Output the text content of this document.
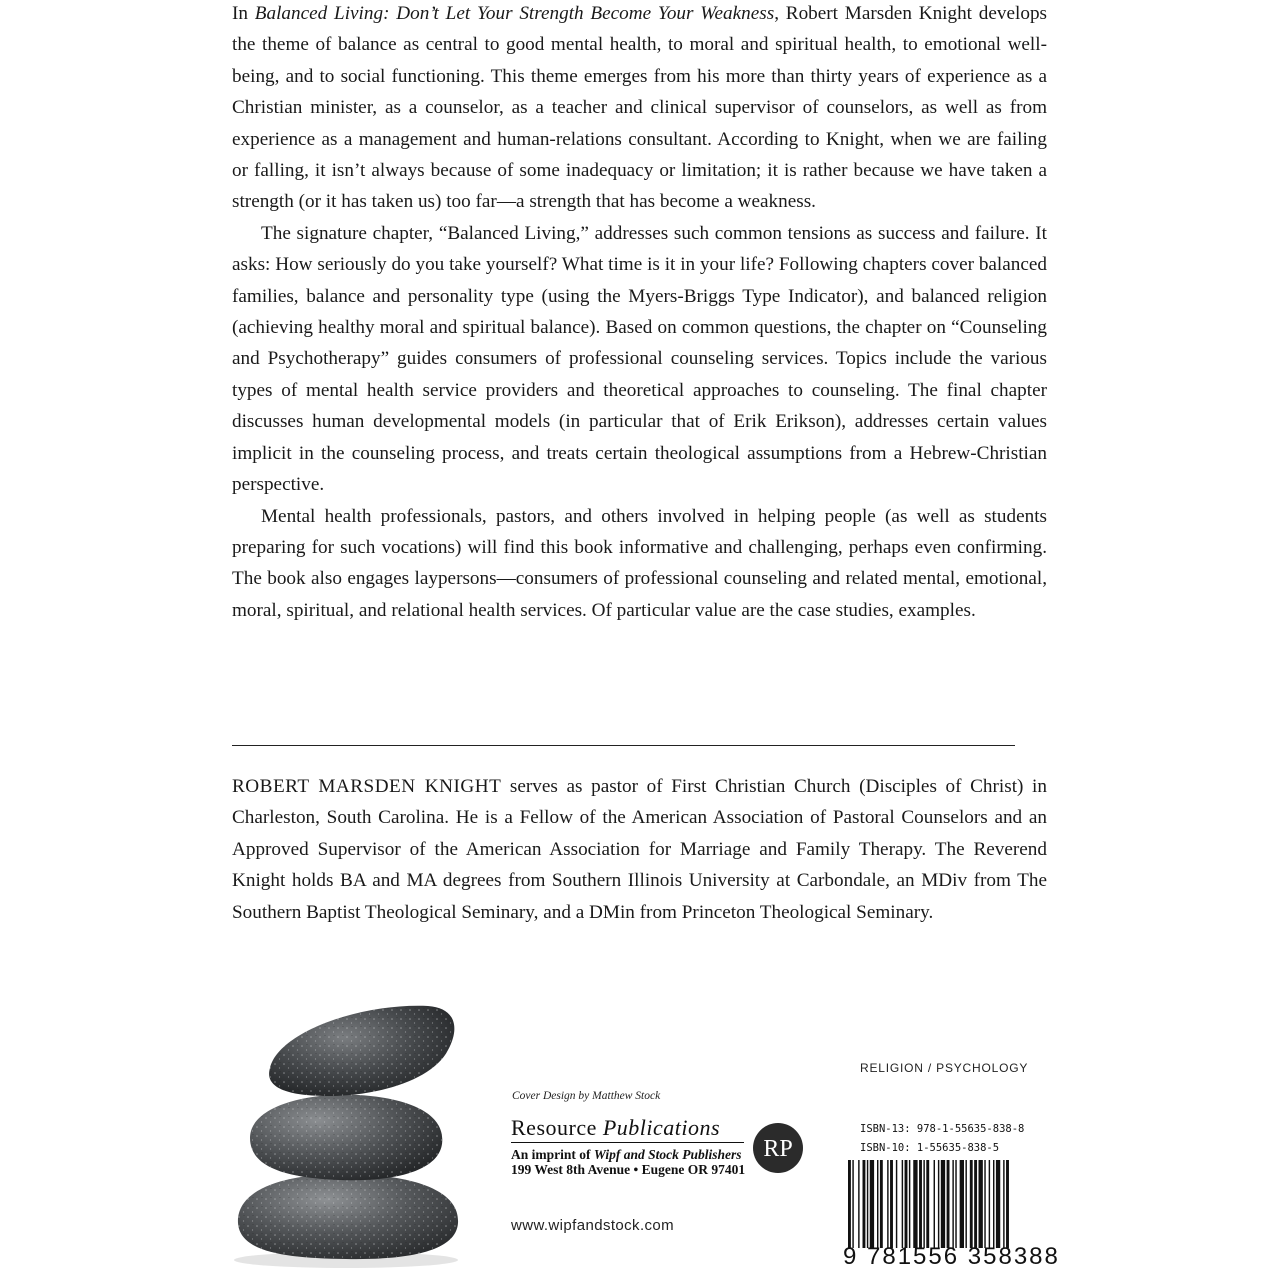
In Balanced Living: Don’t Let Your Strength Become Your Weakness, Robert Marsden Knight develops the theme of balance as central to good mental health, to moral and spiritual health, to emotional well-being, and to social functioning. This theme emerges from his more than thirty years of experience as a Christian minister, as a counselor, as a teacher and clinical supervisor of counselors, as well as from experience as a management and human-relations consultant. According to Knight, when we are failing or falling, it isn’t always because of some inadequacy or limitation; it is rather because we have taken a strength (or it has taken us) too far—a strength that has become a weakness.

The signature chapter, “Balanced Living,” addresses such common tensions as success and failure. It asks: How seriously do you take yourself? What time is it in your life? Following chapters cover balanced families, balance and personality type (using the Myers-Briggs Type Indicator), and balanced religion (achieving healthy moral and spiritual balance). Based on common questions, the chapter on “Counseling and Psychotherapy” guides consumers of professional counseling services. Topics include the various types of mental health service providers and theoretical approaches to counseling. The final chapter discusses human developmental models (in particular that of Erik Erikson), addresses certain values implicit in the counseling process, and treats certain theological assumptions from a Hebrew-Christian perspective.

Mental health professionals, pastors, and others involved in helping people (as well as students preparing for such vocations) will find this book informative and challenging, perhaps even confirming. The book also engages laypersons—consumers of professional counseling and related mental, emotional, moral, spiritual, and relational health services. Of particular value are the case studies, examples.

ROBERT MARSDEN KNIGHT serves as pastor of First Christian Church (Disciples of Christ) in Charleston, South Carolina. He is a Fellow of the American Association of Pastoral Counselors and an Approved Supervisor of the American Association for Marriage and Family Therapy. The Reverend Knight holds BA and MA degrees from Southern Illinois University at Carbondale, an MDiv from The Southern Baptist Theological Seminary, and a DMin from Princeton Theological Seminary.

Cover Design by Matthew Stock
Resource Publications
An imprint of Wipf and Stock Publishers
199 West 8th Avenue • Eugene OR 97401
RP
www.wipfandstock.com
RELIGION / PSYCHOLOGY
ISBN-13: 978-1-55635-838-8
ISBN-10: 1-55635-838-5
9 781556 358388
